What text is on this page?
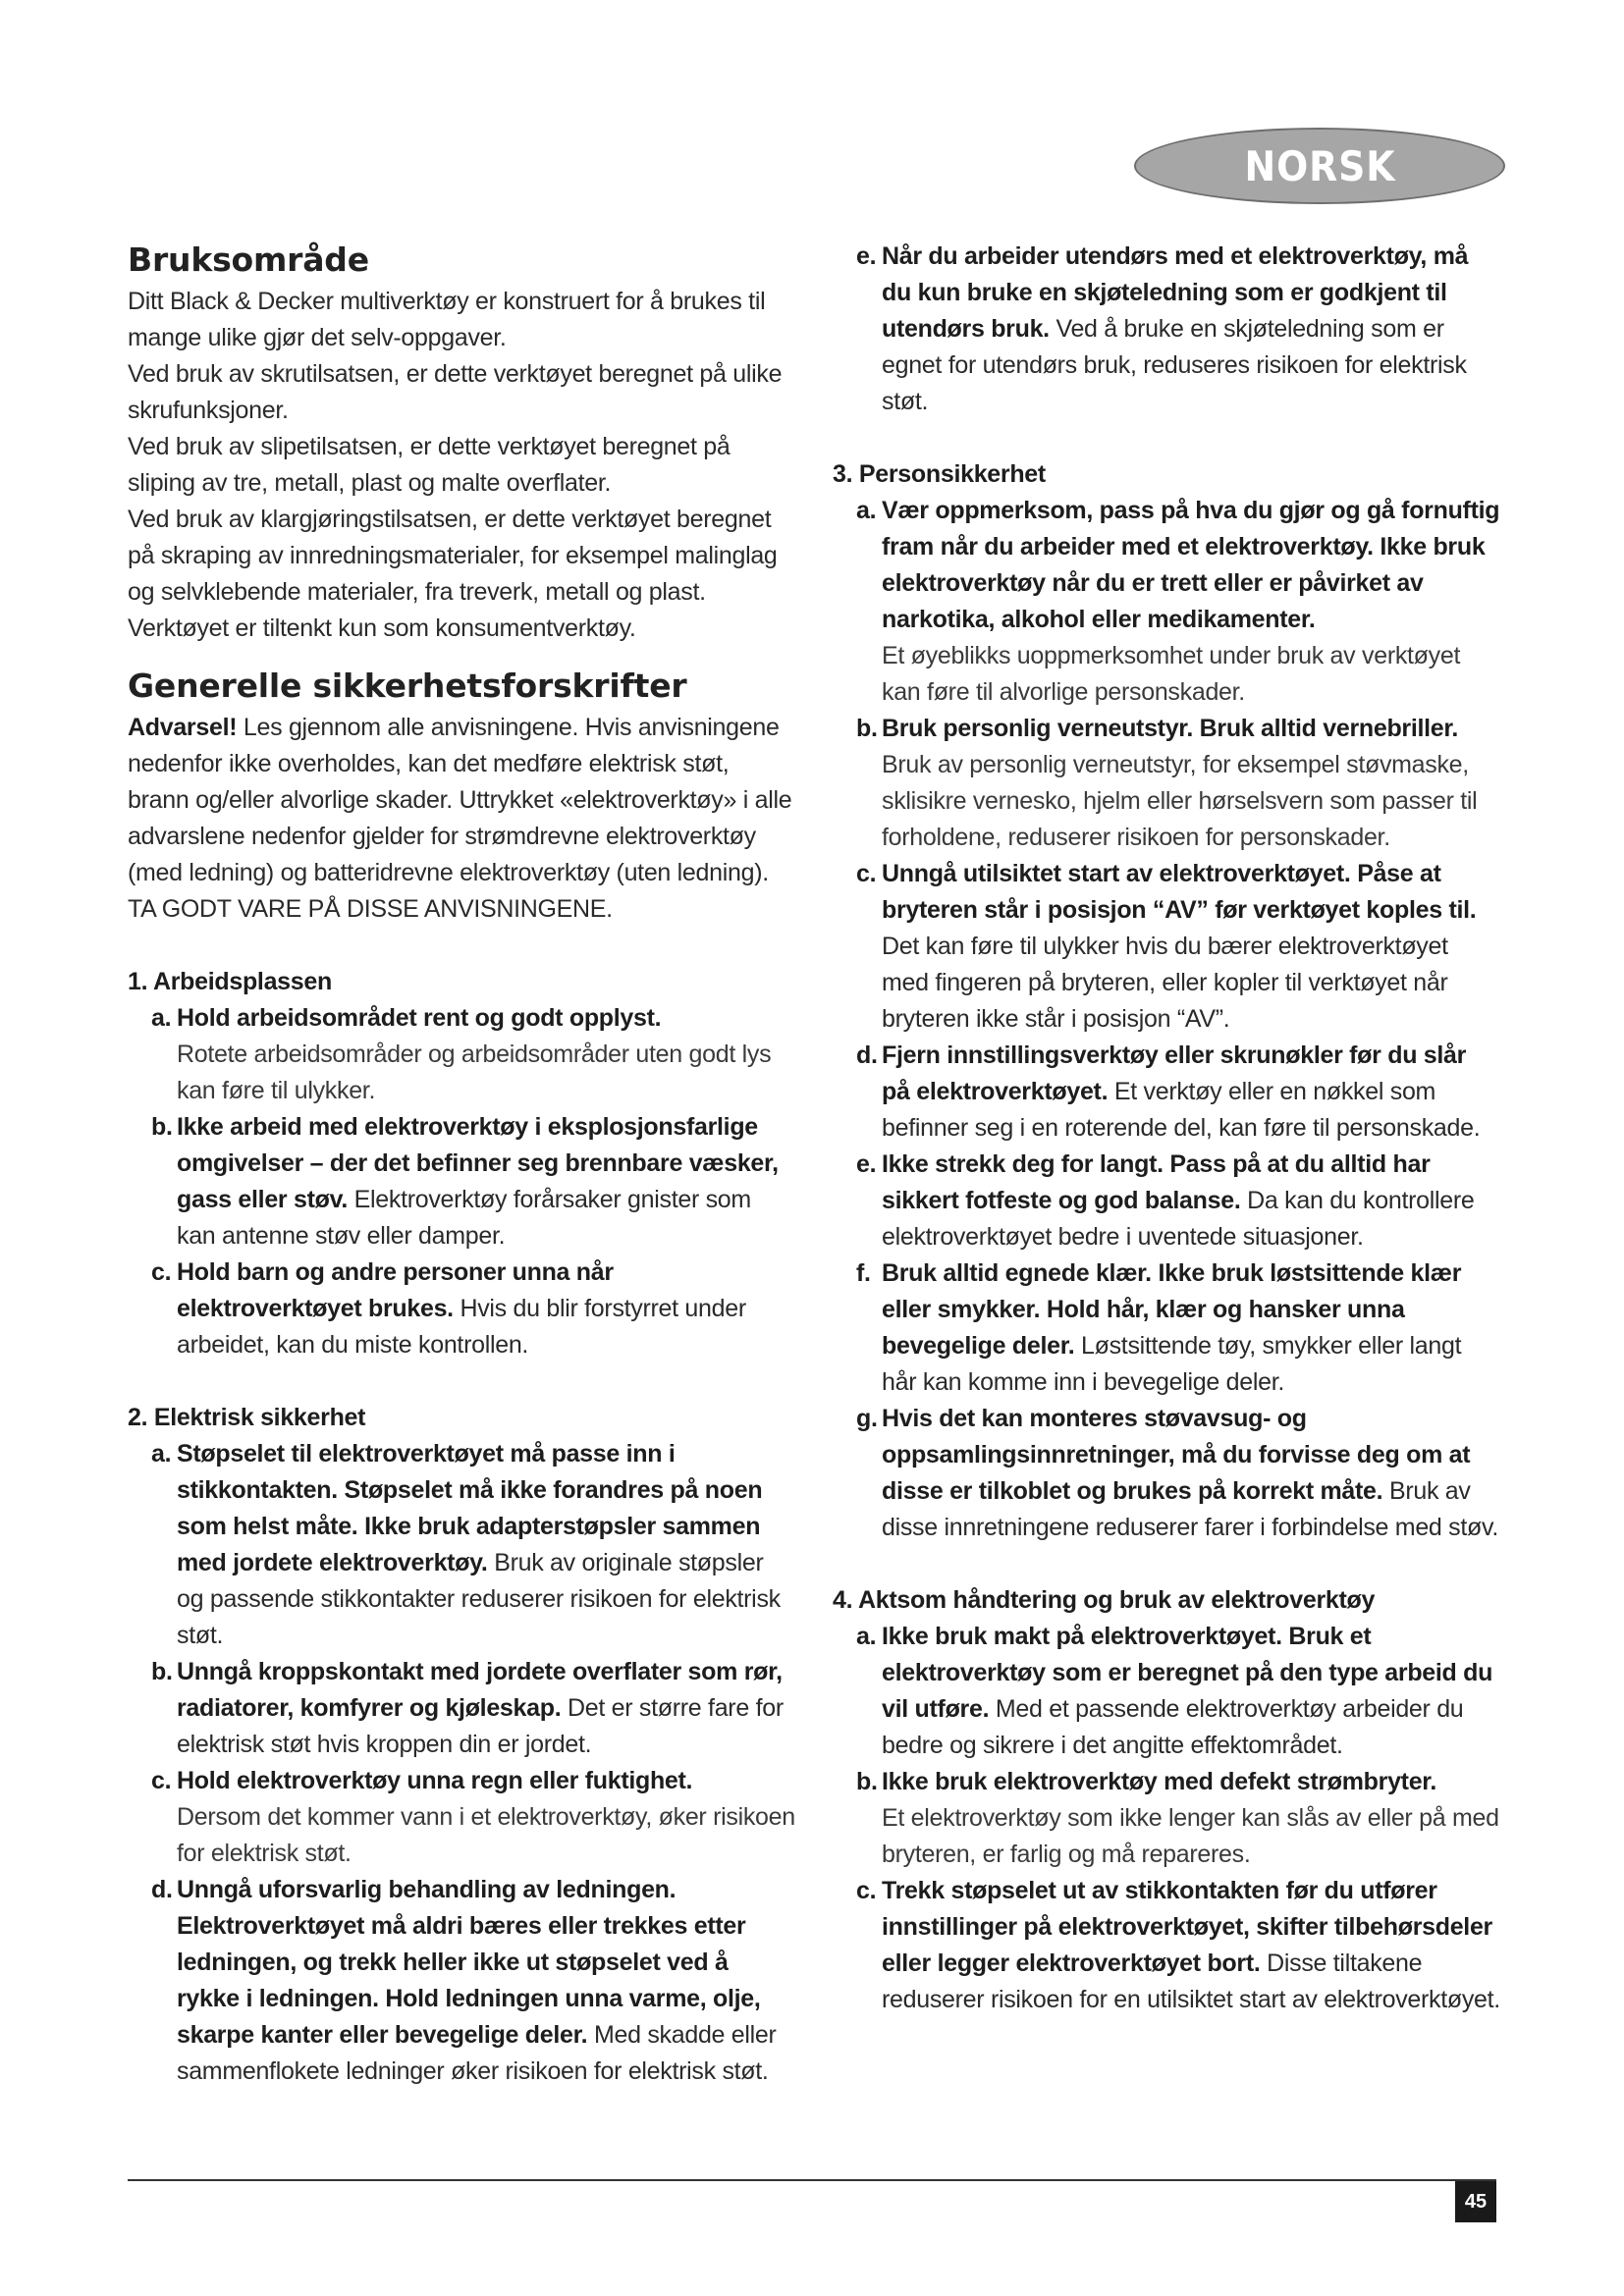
NORSK
Bruksområde

Ditt Black & Decker multiverktøy er konstruert for å brukes til mange ulike gjør det selv-oppgaver.

Ved bruk av skrutilsatsen, er dette verktøyet beregnet på ulike skrufunksjoner.

Ved bruk av slipetilsatsen, er dette verktøyet beregnet på sliping av tre, metall, plast og malte overflater.

Ved bruk av klargjøringstilsatsen, er dette verktøyet beregnet på skraping av innredningsmaterialer, for eksempel malinglag og selvklebende materialer, fra treverk, metall og plast.

Verktøyet er tiltenkt kun som konsumentverktøy.

Generelle sikkerhetsforskrifter

Advarsel! Les gjennom alle anvisningene. Hvis anvisningene nedenfor ikke overholdes, kan det medføre elektrisk støt, brann og/eller alvorlige skader. Uttrykket «elektroverktøy» i alle advarslene nedenfor gjelder for strømdrevne elektroverktøy (med ledning) og batteridrevne elektroverktøy (uten ledning).

TA GODT VARE PÅ DISSE ANVISNINGENE.

1. Arbeidsplassen

a. Hold arbeidsområdet rent og godt opplyst.
Rotete arbeidsområder og arbeidsområder uten godt lys kan føre til ulykker.

b. Ikke arbeid med elektroverktøy i eksplosjonsfarlige omgivelser – der det befinner seg brennbare væsker, gass eller støv. Elektroverktøy forårsaker gnister som kan antenne støv eller damper.

c. Hold barn og andre personer unna når elektroverktøyet brukes. Hvis du blir forstyrret under arbeidet, kan du miste kontrollen.

2. Elektrisk sikkerhet

a. Støpselet til elektroverktøyet må passe inn i stikkontakten. Støpselet må ikke forandres på noen som helst måte. Ikke bruk adapterstøpsler sammen med jordete elektroverktøy. Bruk av originale støpsler og passende stikkontakter reduserer risikoen for elektrisk støt.

b. Unngå kroppskontakt med jordete overflater som rør, radiatorer, komfyrer og kjøleskap. Det er større fare for elektrisk støt hvis kroppen din er jordet.

c. Hold elektroverktøy unna regn eller fuktighet.
Dersom det kommer vann i et elektroverktøy, øker risikoen for elektrisk støt.

d. Unngå uforsvarlig behandling av ledningen. Elektroverktøyet må aldri bæres eller trekkes etter ledningen, og trekk heller ikke ut støpselet ved å rykke i ledningen. Hold ledningen unna varme, olje, skarpe kanter eller bevegelige deler. Med skadde eller sammenflokete ledninger øker risikoen for elektrisk støt.

e. Når du arbeider utendørs med et elektroverktøy, må du kun bruke en skjøteledning som er godkjent til utendørs bruk. Ved å bruke en skjøteledning som er egnet for utendørs bruk, reduseres risikoen for elektrisk støt.

3. Personsikkerhet

a. Vær oppmerksom, pass på hva du gjør og gå fornuftig fram når du arbeider med et elektroverktøy. Ikke bruk elektroverktøy når du er trett eller er påvirket av narkotika, alkohol eller medikamenter.
Et øyeblikks uoppmerksomhet under bruk av verktøyet kan føre til alvorlige personskader.

b. Bruk personlig verneutstyr. Bruk alltid vernebriller.
Bruk av personlig verneutstyr, for eksempel støvmaske, sklisikre vernesko, hjelm eller hørselsvern som passer til forholdene, reduserer risikoen for personskader.

c. Unngå utilsiktet start av elektroverktøyet. Påse at bryteren står i posisjon “AV” før verktøyet koples til. Det kan føre til ulykker hvis du bærer elektroverktøyet med fingeren på bryteren, eller kopler til verktøyet når bryteren ikke står i posisjon “AV”.

d. Fjern innstillingsverktøy eller skrunøkler før du slår på elektroverktøyet. Et verktøy eller en nøkkel som befinner seg i en roterende del, kan føre til personskade.

e. Ikke strekk deg for langt. Pass på at du alltid har sikkert fotfeste og god balanse. Da kan du kontrollere elektroverktøyet bedre i uventede situasjoner.

f. Bruk alltid egnede klær. Ikke bruk løstsittende klær eller smykker. Hold hår, klær og hansker unna bevegelige deler. Løstsittende tøy, smykker eller langt hår kan komme inn i bevegelige deler.

g. Hvis det kan monteres støvavsug- og oppsamlingsinnretninger, må du forvisse deg om at disse er tilkoblet og brukes på korrekt måte. Bruk av disse innretningene reduserer farer i forbindelse med støv.

4. Aktsom håndtering og bruk av elektroverktøy

a. Ikke bruk makt på elektroverktøyet. Bruk et elektroverktøy som er beregnet på den type arbeid du vil utføre. Med et passende elektroverktøy arbeider du bedre og sikrere i det angitte effektområdet.

b. Ikke bruk elektroverktøy med defekt strømbryter.
Et elektroverktøy som ikke lenger kan slås av eller på med bryteren, er farlig og må repareres.

c. Trekk støpselet ut av stikkontakten før du utfører innstillinger på elektroverktøyet, skifter tilbehørsdeler eller legger elektroverktøyet bort. Disse tiltakene reduserer risikoen for en utilsiktet start av elektroverktøyet.

45
